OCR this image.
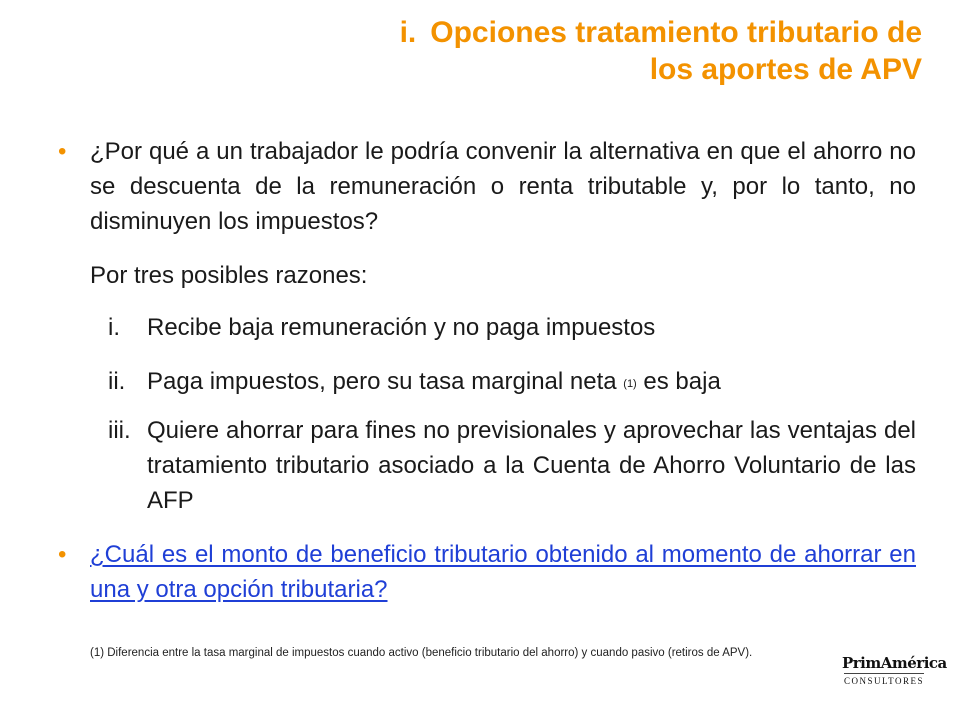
i. Opciones tratamiento tributario de
los aportes de APV
• ¿Por qué a un trabajador le podría convenir la alternativa en que el ahorro no se descuenta de la remuneración o renta tributable y, por lo tanto, no disminuyen los impuestos?
Por tres posibles razones:
i. Recibe baja remuneración y no paga impuestos
ii. Paga impuestos, pero su tasa marginal neta (1) es baja
iii. Quiere ahorrar para fines no previsionales y aprovechar las ventajas del tratamiento tributario asociado a la Cuenta de Ahorro Voluntario de las AFP
• ¿Cuál es el monto de beneficio tributario obtenido al momento de ahorrar en una y otra opción tributaria?
(1) Diferencia entre la tasa marginal de impuestos cuando activo (beneficio tributario del ahorro) y cuando pasivo (retiros de APV).
PrimAmérica
CONSULTORES
